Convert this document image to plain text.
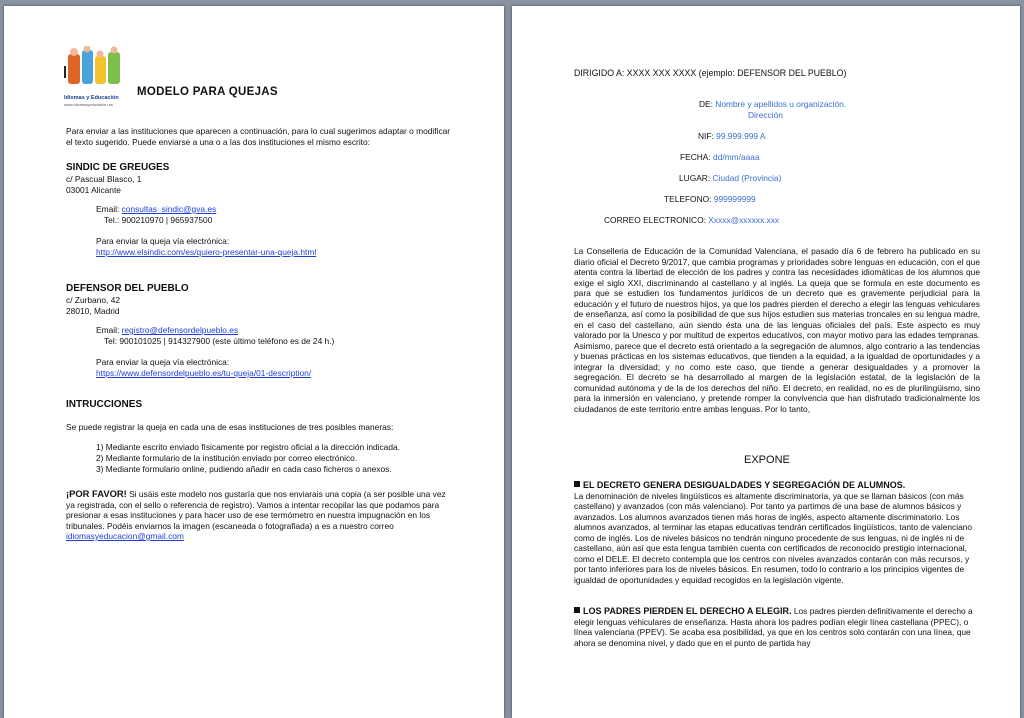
Idiomas y Educación
www.idiomasyeducacion.es
MODELO PARA QUEJAS
Para enviar a las instituciones que aparecen a continuación, para lo cual sugerimos adaptar o modificar el texto sugerido. Puede enviarse a una o a las dos instituciones el mismo escrito:
SINDIC DE GREUGES
c/ Pascual Blasco, 1
03001 Alicante
Email: consultas_sindic@gva.es
Tel.: 900210970 | 965937500
Para enviar la queja vía electrónica:
http://www.elsindic.com/es/quiero-presentar-una-queja.html
DEFENSOR DEL PUEBLO
c/ Zurbano, 42
28010, Madrid
Email: registro@defensordelpueblo.es
Tel: 900101025 | 914327900 (este último teléfono es de 24 h.)
Para enviar la queja vía electrónica:
https://www.defensordelpueblo.es/tu-queja/01-description/
INTRUCCIONES
Se puede registrar la queja en cada una de esas instituciones de tres posibles maneras:
1) Mediante escrito enviado físicamente por registro oficial a la dirección indicada.
2) Mediante formulario de la institución enviado por correo electrónico.
3) Mediante formulario online, pudiendo añadir en cada caso ficheros o anexos.
¡POR FAVOR! Si usáis este modelo nos gustaría que nos enviarais una copia (a ser posible una vez ya registrada, con el sello o referencia de registro). Vamos a intentar recopilar las que podamos para presionar a esas instituciones y para hacer uso de ese termómetro en nuestra impugnación en los tribunales. Podéis enviarnos la imagen (escaneada o fotografiada) a es a nuestro correo idiomasyeducacion@gmail.com
DIRIGIDO A: XXXX XXX XXXX (ejemplo: DEFENSOR DEL PUEBLO)
DE: Nombre y apellidos u organización.
Dirección
NIF: 99.999.999 A
FECHA: dd/mm/aaaa
LUGAR: Ciudad (Provincia)
TELEFONO: 999999999
CORREO ELECTRONICO: Xxxxx@xxxxxx.xxx
La Conselleria de Educación de la Comunidad Valenciana, el pasado día 6 de febrero ha publicado en su diario oficial el Decreto 9/2017, que cambia programas y prioridades sobre lenguas en educación, con el que atenta contra la libertad de elección de los padres y contra las necesidades idiomáticas de los alumnos que exige el siglo XXI, discriminando al castellano y al inglés. La queja que se formula en este documento es para que se estudien los fundamentos jurídicos de un decreto que es gravemente perjudicial para la educación y el futuro de nuestros hijos, ya que los padres pierden el derecho a elegir las lenguas vehiculares de enseñanza, así como la posibilidad de que sus hijos estudien sus materias troncales en su lengua madre, en el caso del castellano, aún siendo ésta una de las lenguas oficiales del país. Este aspecto es muy valorado por la Unesco y por multitud de expertos educativos, con mayor motivo para las edades tempranas. Asimismo, parece que el decreto está orientado a la segregación de alumnos, algo contrario a las tendencias y buenas prácticas en los sistemas educativos, que tienden a la equidad, a la igualdad de oportunidades y a integrar la diversidad; y no como este caso, que tiende a generar desigualdades y a promover la segregación. El decreto se ha desarrollado al margen de la legislación estatal, de la legislación de la comunidad autónoma y de la de los derechos del niño. El decreto, en realidad, no es de plurilingüismo, sino para la inmersión en valenciano, y pretende romper la convivencia que han disfrutado tradicionalmente los ciudadanos de este territorio entre ambas lenguas. Por lo tanto,
EXPONE
EL DECRETO GENERA DESIGUALDADES Y SEGREGACIÓN DE ALUMNOS.
La denominación de niveles lingüísticos es altamente discriminatoria, ya que se llaman básicos (con más castellano) y avanzados (con más valenciano). Por tanto ya partimos de una base de alumnos básicos y avanzados. Los alumnos avanzados tienen más horas de inglés, aspecto altamente discriminatorio. Los alumnos avanzados, al terminar las etapas educativas tendrán certificados lingüísticos, tanto de valenciano como de inglés. Los de niveles básicos no tendrán ninguno procedente de sus lenguas, ni de inglés ni de castellano, aún así que esta lengua también cuenta con certificados de reconocido prestigio internacional, como el DELE. El decreto contempla que los centros con niveles avanzados contarán con más recursos, y por tanto inferiores para los de niveles básicos. En resumen, todo lo contrario a los principios vigentes de igualdad de oportunidades y equidad recogidos en la legislación vigente.
LOS PADRES PIERDEN EL DERECHO A ELEGIR. Los padres pierden definitivamente el derecho a elegir lenguas vehiculares de enseñanza. Hasta ahora los padres podían elegir línea castellana (PPEC), o línea valenciana (PPEV). Se acaba esa posibilidad, ya que en los centros solo contarán con una línea, que ahora se denomina nivel, y dado que en el punto de partida hay
